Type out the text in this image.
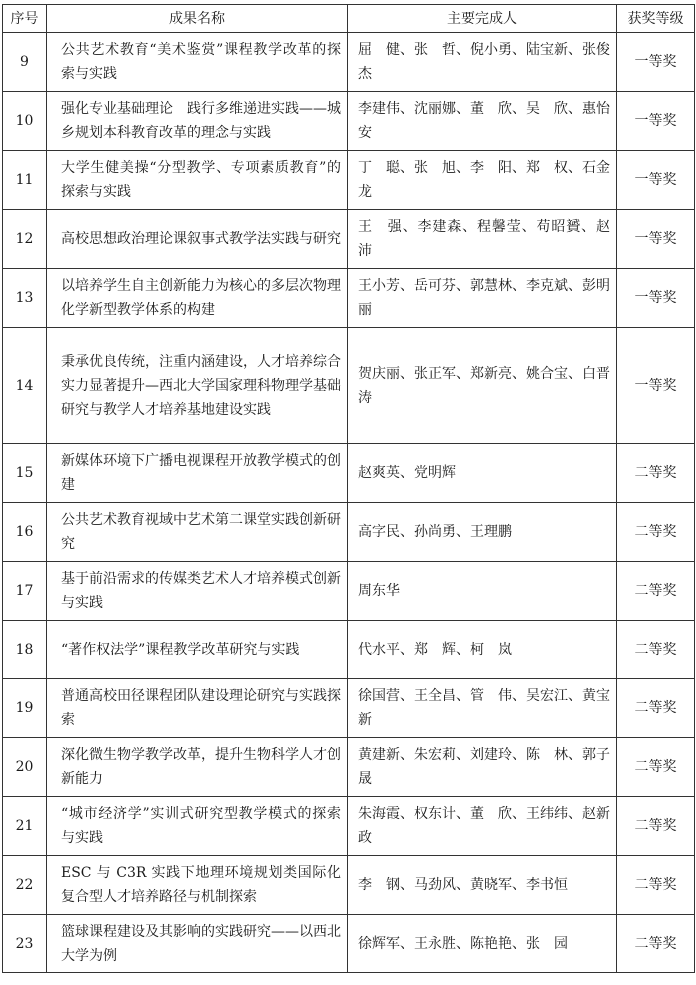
序号	成果名称	主要完成人	获奖等级
9	公共艺术教育“美术鉴赏”课程教学改革的探索与实践	屈　健、张　哲、倪小勇、陆宝新、张俊杰	一等奖
10	强化专业基础理论　践行多维递进实践——城乡规划本科教育改革的理念与实践	李建伟、沈丽娜、董　欣、吴　欣、惠怡安	一等奖
11	大学生健美操“分型教学、专项素质教育”的探索与实践	丁　聪、张　旭、李　阳、郑　权、石金龙	一等奖
12	高校思想政治理论课叙事式教学法实践与研究	王　强、李建森、程馨莹、苟昭贇、赵　沛	一等奖
13	以培养学生自主创新能力为核心的多层次物理化学新型教学体系的构建	王小芳、岳可芬、郭慧林、李克斌、彭明丽	一等奖
14	秉承优良传统，注重内涵建设，人才培养综合实力显著提升—西北大学国家理科物理学基础研究与教学人才培养基地建设实践	贺庆丽、张正军、郑新亮、姚合宝、白晋涛	一等奖
15	新媒体环境下广播电视课程开放教学模式的创建	赵爽英、党明辉	二等奖
16	公共艺术教育视域中艺术第二课堂实践创新研究	高字民、孙尚勇、王理鹏	二等奖
17	基于前沿需求的传媒类艺术人才培养模式创新与实践	周东华	二等奖
18	“著作权法学”课程教学改革研究与实践	代水平、郑　辉、柯　岚	二等奖
19	普通高校田径课程团队建设理论研究与实践探索	徐国营、王全昌、管　伟、吴宏江、黄宝新	二等奖
20	深化微生物学教学改革，提升生物科学人才创新能力	黄建新、朱宏莉、刘建玲、陈　林、郭子晟	二等奖
21	“城市经济学”实训式研究型教学模式的探索与实践	朱海霞、权东计、董　欣、王纬纬、赵新政	二等奖
22	ESC 与 C3R 实践下地理环境规划类国际化复合型人才培养路径与机制探索	李　钢、马劲风、黄晓军、李书恒	二等奖
23	篮球课程建设及其影响的实践研究——以西北大学为例	徐辉军、王永胜、陈艳艳、张　园	二等奖
